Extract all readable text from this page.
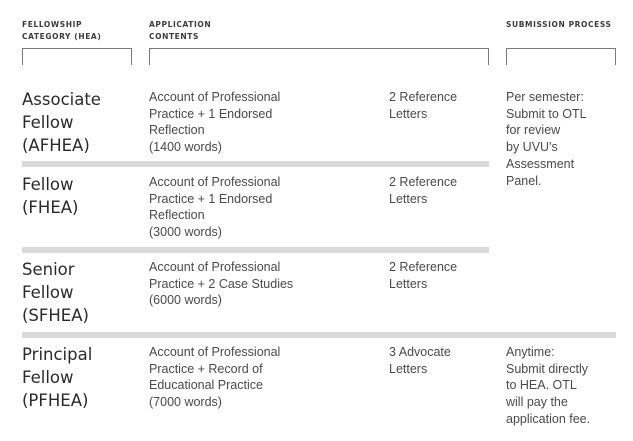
FELLOWSHIP
CATEGORY (HEA)
APPLICATION
CONTENTS
SUBMISSION PROCESS
Associate
Fellow
(AFHEA)
Account of Professional
Practice + 1 Endorsed
Reflection
(1400 words)
2 Reference
Letters
Fellow
(FHEA)
Account of Professional
Practice + 1 Endorsed
Reflection
(3000 words)
2 Reference
Letters
Senior
Fellow
(SFHEA)
Account of Professional
Practice + 2 Case Studies
(6000 words)
2 Reference
Letters
Per semester:
Submit to OTL
for review
by UVU's
Assessment
Panel.
Principal
Fellow
(PFHEA)
Account of Professional
Practice + Record of
Educational Practice
(7000 words)
3 Advocate
Letters
Anytime:
Submit directly
to HEA. OTL
will pay the
application fee.
